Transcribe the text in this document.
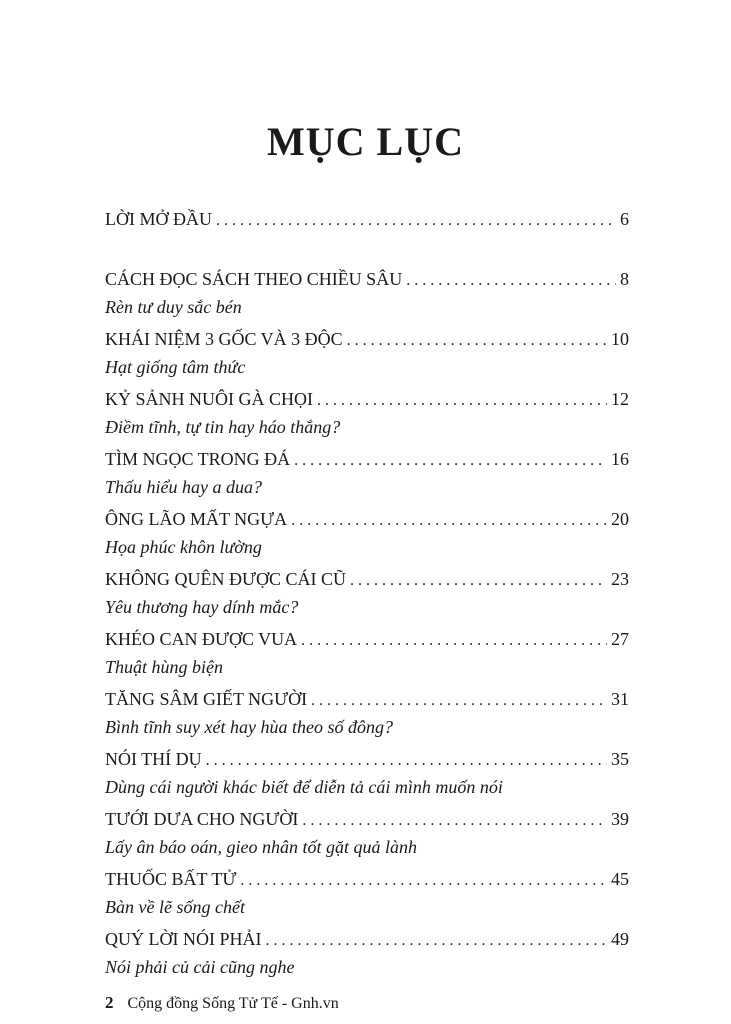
MỤC LỤC
LỜI MỞ ĐẦU . . .	6
CÁCH ĐỌC SÁCH THEO CHIỀU SÂU . . .	8
Rèn tư duy sắc bén
KHÁI NIỆM 3 GỐC VÀ 3 ĐỘC . . .	10
Hạt giống tâm thức
KỶ SẢNH NUÔI GÀ CHỌI . . .	12
Điềm tĩnh, tự tin hay háo thắng?
TÌM NGỌC TRONG ĐÁ . . .	16
Thấu hiểu hay a dua?
ÔNG LÃO MẤT NGỰA . . .	20
Họa phúc khôn lường
KHÔNG QUÊN ĐƯỢC CÁI CŨ . . .	23
Yêu thương hay dính mắc?
KHÉO CAN ĐƯỢC VUA . . .	27
Thuật hùng biện
TĂNG SÂM GIẾT NGƯỜI . . .	31
Bình tĩnh suy xét hay hùa theo số đông?
NÓI THÍ DỤ . . .	35
Dùng cái người khác biết để diễn tả cái mình muốn nói
TƯỚI DƯA CHO NGƯỜI . . .	39
Lấy ân báo oán, gieo nhân tốt gặt quả lành
THUỐC BẤT TỬ . . .	45
Bàn về lẽ sống chết
QUÝ LỜI NÓI PHẢI . . .	49
Nói phải củ cải cũng nghe
2 Cộng đồng Sống Tử Tế - Gnh.vn
